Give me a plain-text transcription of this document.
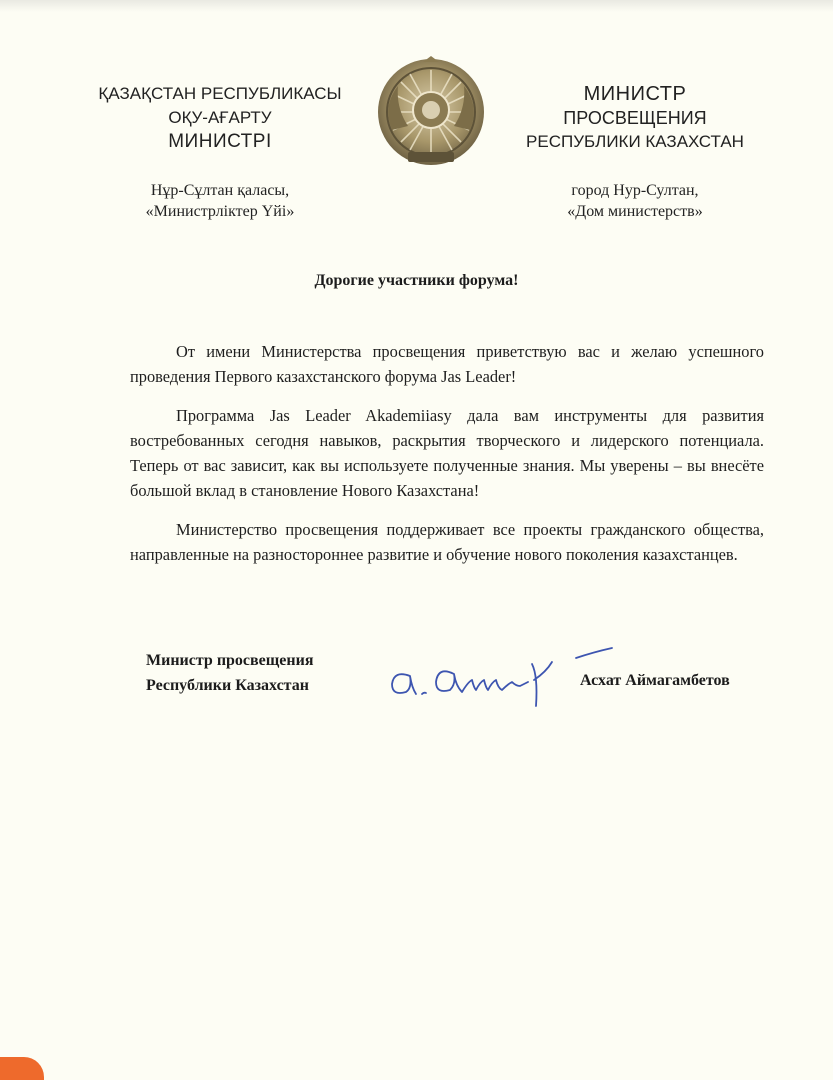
ҚАЗАҚСТАН РЕСПУБЛИКАСЫ
ОҚУ-АҒАРТУ
МИНИСТРІ
МИНИСТР
ПРОСВЕЩЕНИЯ
РЕСПУБЛИКИ КАЗАХСТАН
Нұр-Сұлтан қаласы,
«Министрліктер Үйі»
город Нур-Султан,
«Дом министерств»
Дорогие участники форума!

От имени Министерства просвещения приветствую вас и желаю успешного проведения Первого казахстанского форума Jas Leader!

Программа Jas Leader Akademiiasy дала вам инструменты для развития востребованных сегодня навыков, раскрытия творческого и лидерского потенциала. Теперь от вас зависит, как вы используете полученные знания. Мы уверены – вы внесёте большой вклад в становление Нового Казахстана!

Министерство просвещения поддерживает все проекты гражданского общества, направленные на разностороннее развитие и обучение нового поколения казахстанцев.

Министр просвещения
Республики Казахстан	Асхат Аймагамбетов
